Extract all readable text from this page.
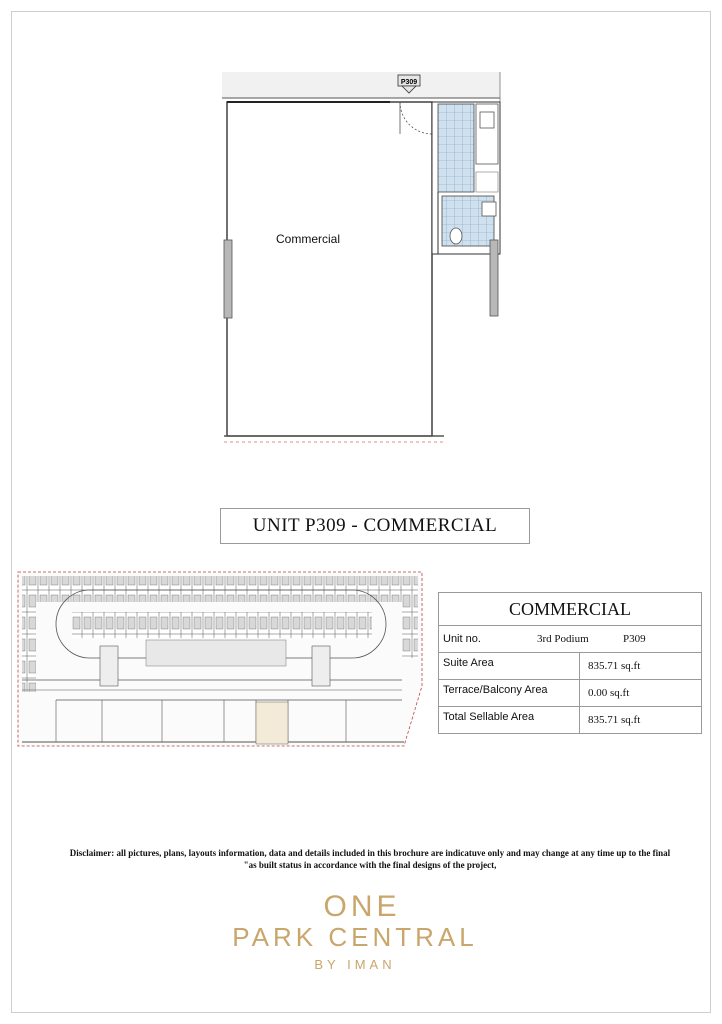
P309
Commercial
UNIT P309 - COMMERCIAL
COMMERCIAL
Unit no.	3rd Podium	P309
Suite Area	835.71 sq.ft
Terrace/Balcony Area	0.00 sq.ft
Total Sellable Area	835.71 sq.ft
Disclaimer: all pictures, plans, layouts information, data and details included in this brochure are indicatuve only and may change at any time up to the final
"as built status in accordance with the final designs of the project,
ONE
PARK CENTRAL
BY IMAN
